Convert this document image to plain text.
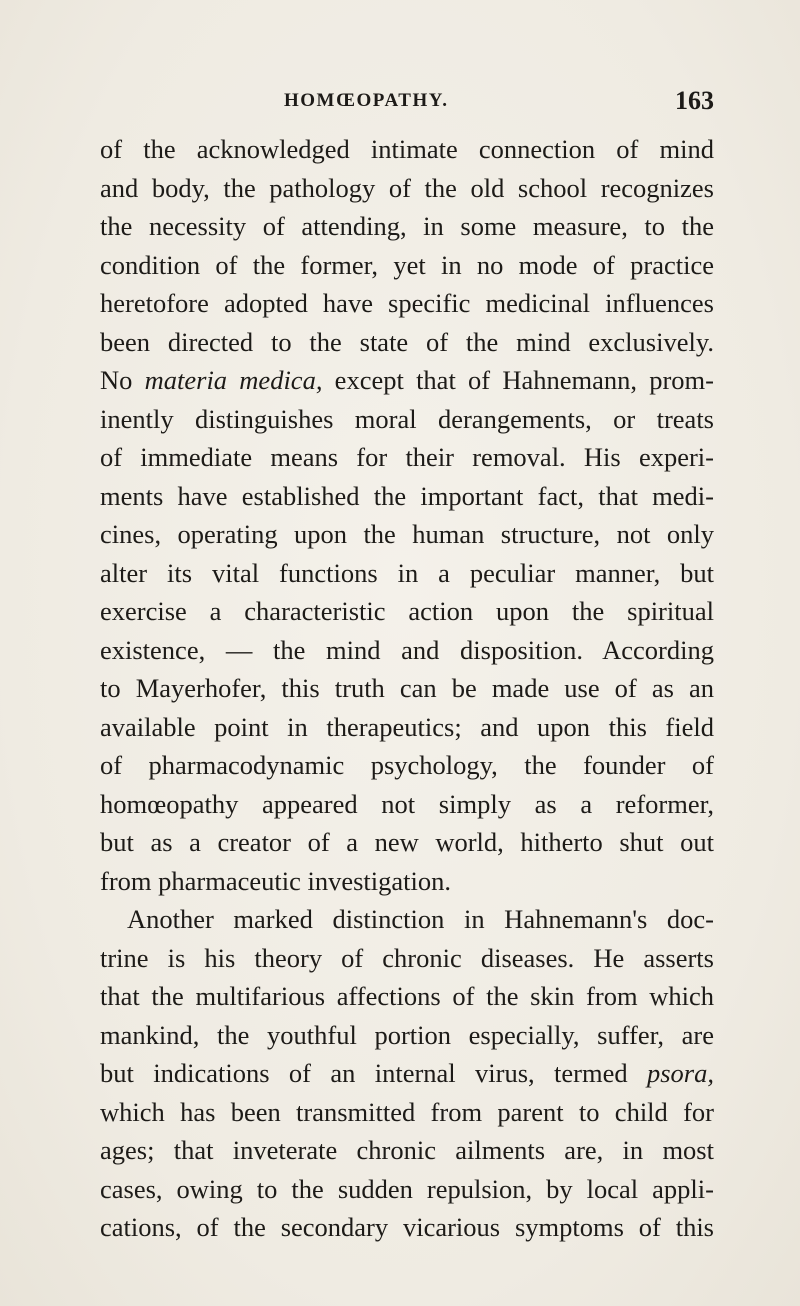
HOMŒOPATHY.	163
of the acknowledged intimate connection of mind
and body, the pathology of the old school recognizes
the necessity of attending, in some measure, to the
condition of the former, yet in no mode of practice
heretofore adopted have specific medicinal influences
been directed to the state of the mind exclusively.
No materia medica, except that of Hahnemann, prom-
inently distinguishes moral derangements, or treats
of immediate means for their removal. His experi-
ments have established the important fact, that medi-
cines, operating upon the human structure, not only
alter its vital functions in a peculiar manner, but
exercise a characteristic action upon the spiritual
existence, — the mind and disposition. According
to Mayerhofer, this truth can be made use of as an
available point in therapeutics; and upon this field
of pharmacodynamic psychology, the founder of
homœopathy appeared not simply as a reformer,
but as a creator of a new world, hitherto shut out
from pharmaceutic investigation.
Another marked distinction in Hahnemann's doc-
trine is his theory of chronic diseases. He asserts
that the multifarious affections of the skin from which
mankind, the youthful portion especially, suffer, are
but indications of an internal virus, termed psora,
which has been transmitted from parent to child for
ages; that inveterate chronic ailments are, in most
cases, owing to the sudden repulsion, by local appli-
cations, of the secondary vicarious symptoms of this
